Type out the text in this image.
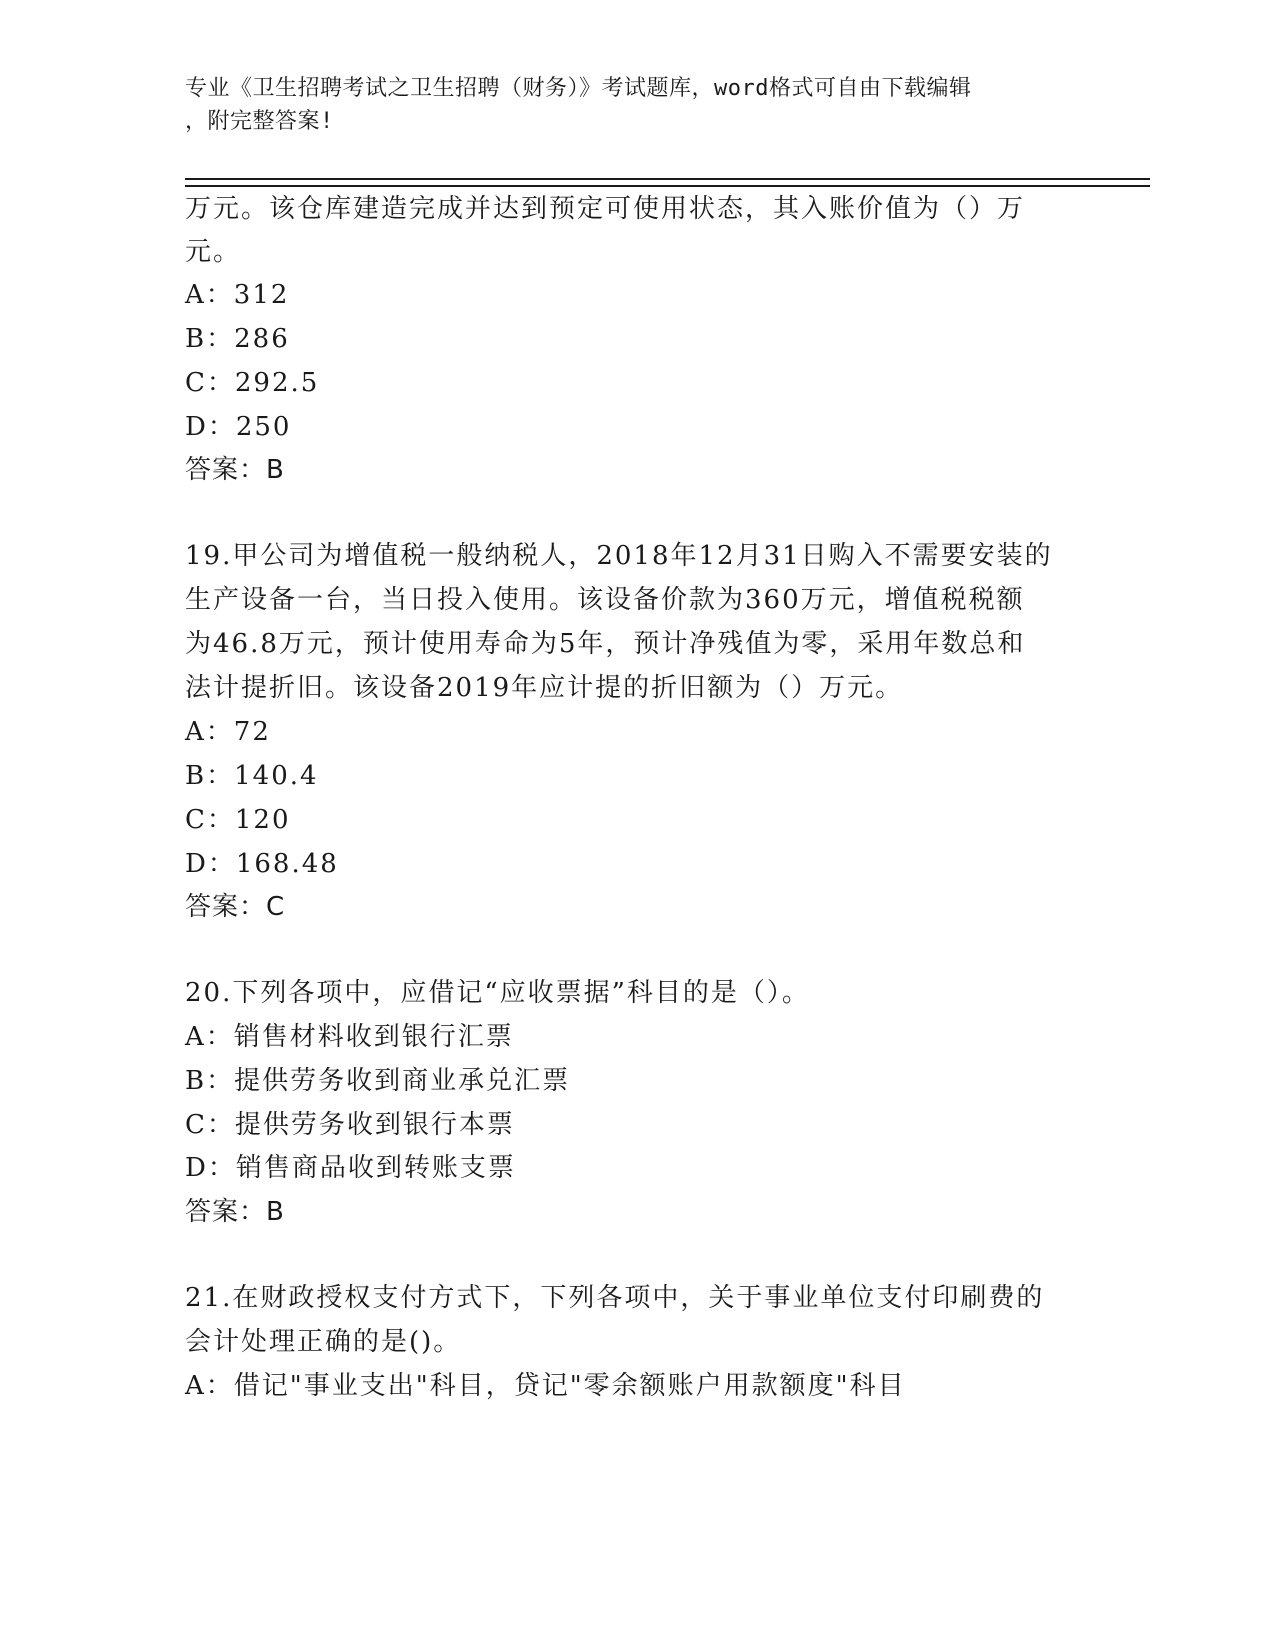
专业《卫生招聘考试之卫生招聘（财务）》考试题库，word格式可自由下载编辑
，附完整答案!
万元。该仓库建造完成并达到预定可使用状态，其入账价值为（）万
元。
A：312
B：286
C：292.5
D：250
答案：B
19.甲公司为增值税一般纳税人，2018年12月31日购入不需要安装的
生产设备一台，当日投入使用。该设备价款为360万元，增值税税额
为46.8万元，预计使用寿命为5年，预计净残值为零，采用年数总和
法计提折旧。该设备2019年应计提的折旧额为（）万元。
A：72
B：140.4
C：120
D：168.48
答案：C
20.下列各项中，应借记“应收票据”科目的是（）。
A：销售材料收到银行汇票
B：提供劳务收到商业承兑汇票
C：提供劳务收到银行本票
D：销售商品收到转账支票
答案：B
21.在财政授权支付方式下，下列各项中，关于事业单位支付印刷费的
会计处理正确的是()。
A：借记"事业支出"科目，贷记"零余额账户用款额度"科目
